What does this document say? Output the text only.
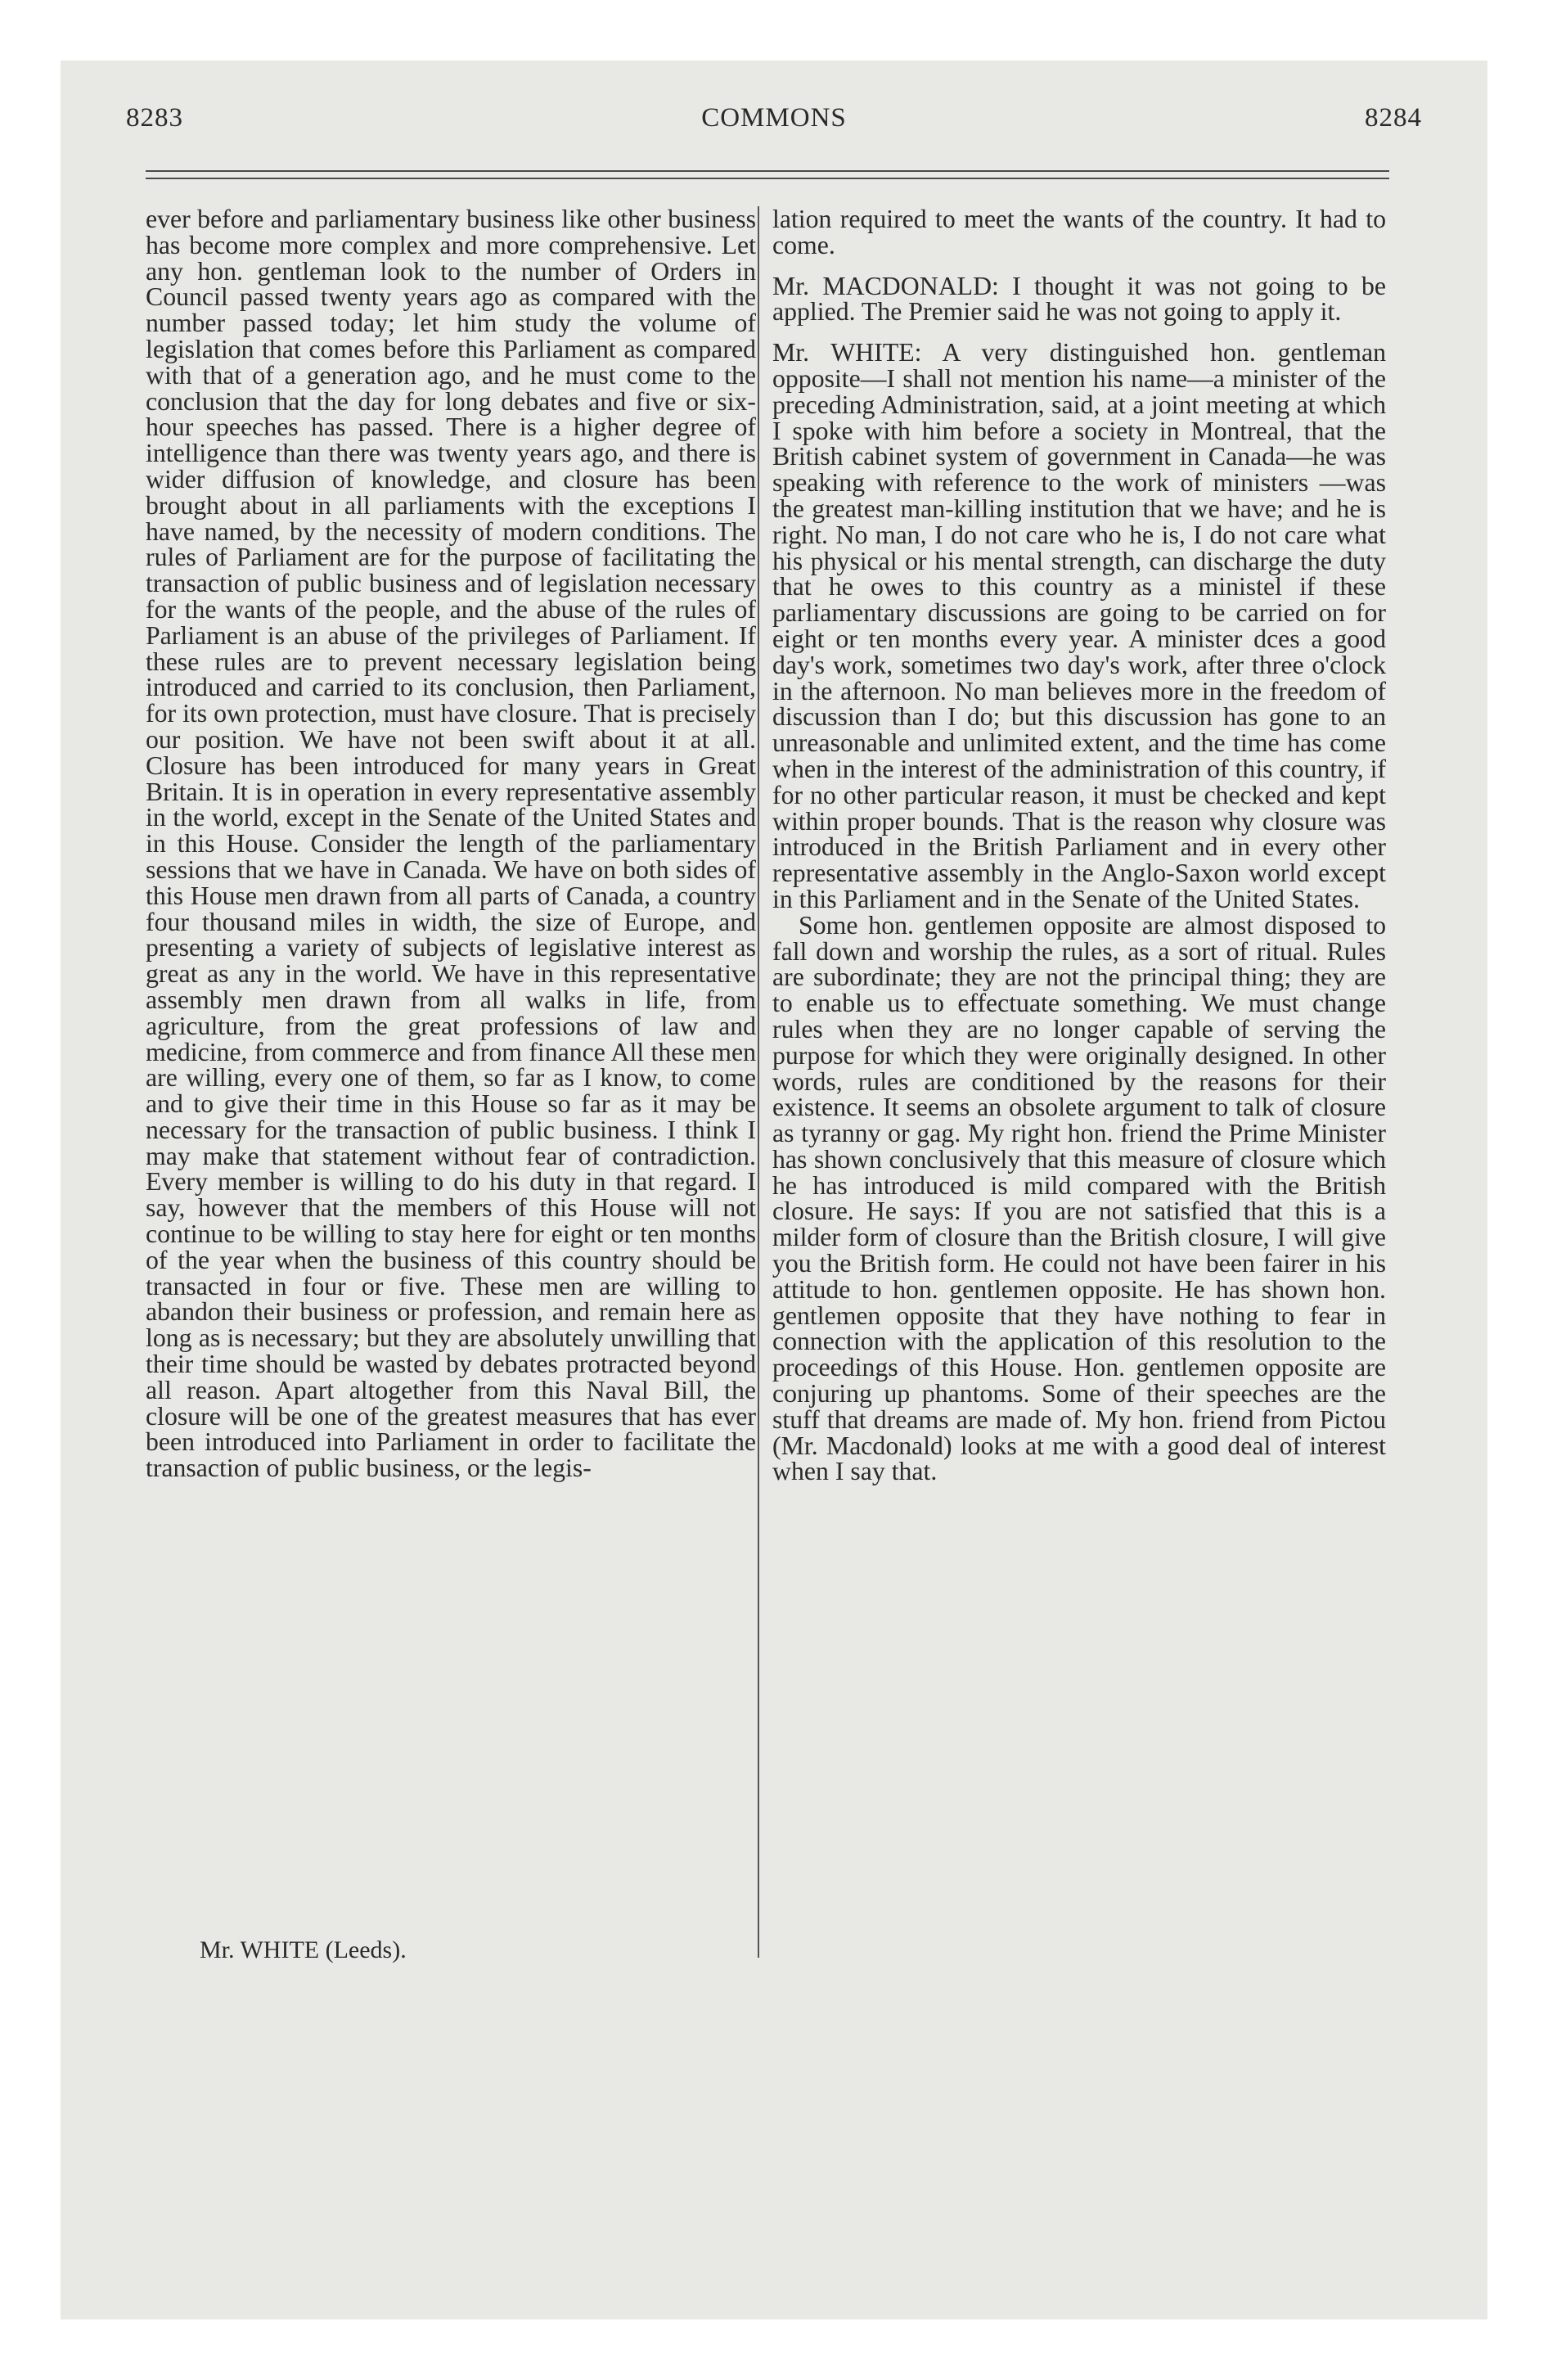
8283	COMMONS	8284

ever before and parliamentary business like other business has become more complex and more comprehensive. Let any hon. gentleman look to the number of Orders in Council passed twenty years ago as compared with the number passed today; let him study the volume of legislation that comes before this Parliament as compared with that of a generation ago, and he must come to the conclusion that the day for long debates and five or six-hour speeches has passed. There is a higher degree of intelligence than there was twenty years ago, and there is wider diffusion of knowledge, and closure has been brought about in all parliaments with the exceptions I have named, by the necessity of modern conditions. The rules of Parliament are for the purpose of facilitating the transaction of public business and of legislation necessary for the wants of the people, and the abuse of the rules of Parliament is an abuse of the privileges of Parliament. If these rules are to prevent necessary legislation being introduced and carried to its conclusion, then Parliament, for its own protection, must have closure. That is precisely our position. We have not been swift about it at all. Closure has been introduced for many years in Great Britain. It is in operation in every representative assembly in the world, except in the Senate of the United States and in this House. Consider the length of the parliamentary sessions that we have in Canada. We have on both sides of this House men drawn from all parts of Canada, a country four thousand miles in width, the size of Europe, and presenting a variety of subjects of legislative interest as great as any in the world. We have in this representative assembly men drawn from all walks in life, from agriculture, from the great professions of law and medicine, from commerce and from finance All these men are willing, every one of them, so far as I know, to come and to give their time in this House so far as it may be necessary for the transaction of public business. I think I may make that statement without fear of contradiction. Every member is willing to do his duty in that regard. I say, however that the members of this House will not continue to be willing to stay here for eight or ten months of the year when the business of this country should be transacted in four or five. These men are willing to abandon their business or profession, and remain here as long as is necessary; but they are absolutely unwilling that their time should be wasted by debates protracted beyond all reason. Apart altogether from this Naval Bill, the closure will be one of the greatest measures that has ever been introduced into Parliament in order to facilitate the transaction of public business, or the legis-

lation required to meet the wants of the country. It had to come.

Mr. MACDONALD: I thought it was not going to be applied. The Premier said he was not going to apply it.

Mr. WHITE: A very distinguished hon. gentleman opposite—I shall not mention his name—a minister of the preceding Administration, said, at a joint meeting at which I spoke with him before a society in Montreal, that the British cabinet system of government in Canada—he was speaking with reference to the work of ministers —was the greatest man-killing institution that we have; and he is right. No man, I do not care who he is, I do not care what his physical or his mental strength, can discharge the duty that he owes to this country as a ministel if these parliamentary discussions are going to be carried on for eight or ten months every year. A minister dces a good day's work, sometimes two day's work, after three o'clock in the afternoon. No man believes more in the freedom of discussion than I do; but this discussion has gone to an unreasonable and unlimited extent, and the time has come when in the interest of the administration of this country, if for no other particular reason, it must be checked and kept within proper bounds. That is the reason why closure was introduced in the British Parliament and in every other representative assembly in the Anglo-Saxon world except in this Parliament and in the Senate of the United States.

Some hon. gentlemen opposite are almost disposed to fall down and worship the rules, as a sort of ritual. Rules are subordinate; they are not the principal thing; they are to enable us to effectuate something. We must change rules when they are no longer capable of serving the purpose for which they were originally designed. In other words, rules are conditioned by the reasons for their existence. It seems an obsolete argument to talk of closure as tyranny or gag. My right hon. friend the Prime Minister has shown conclusively that this measure of closure which he has introduced is mild compared with the British closure. He says: If you are not satisfied that this is a milder form of closure than the British closure, I will give you the British form. He could not have been fairer in his attitude to hon. gentlemen opposite. He has shown hon. gentlemen opposite that they have nothing to fear in connection with the application of this resolution to the proceedings of this House. Hon. gentlemen opposite are conjuring up phantoms. Some of their speeches are the stuff that dreams are made of. My hon. friend from Pictou (Mr. Macdonald) looks at me with a good deal of interest when I say that.

Mr. WHITE (Leeds).
